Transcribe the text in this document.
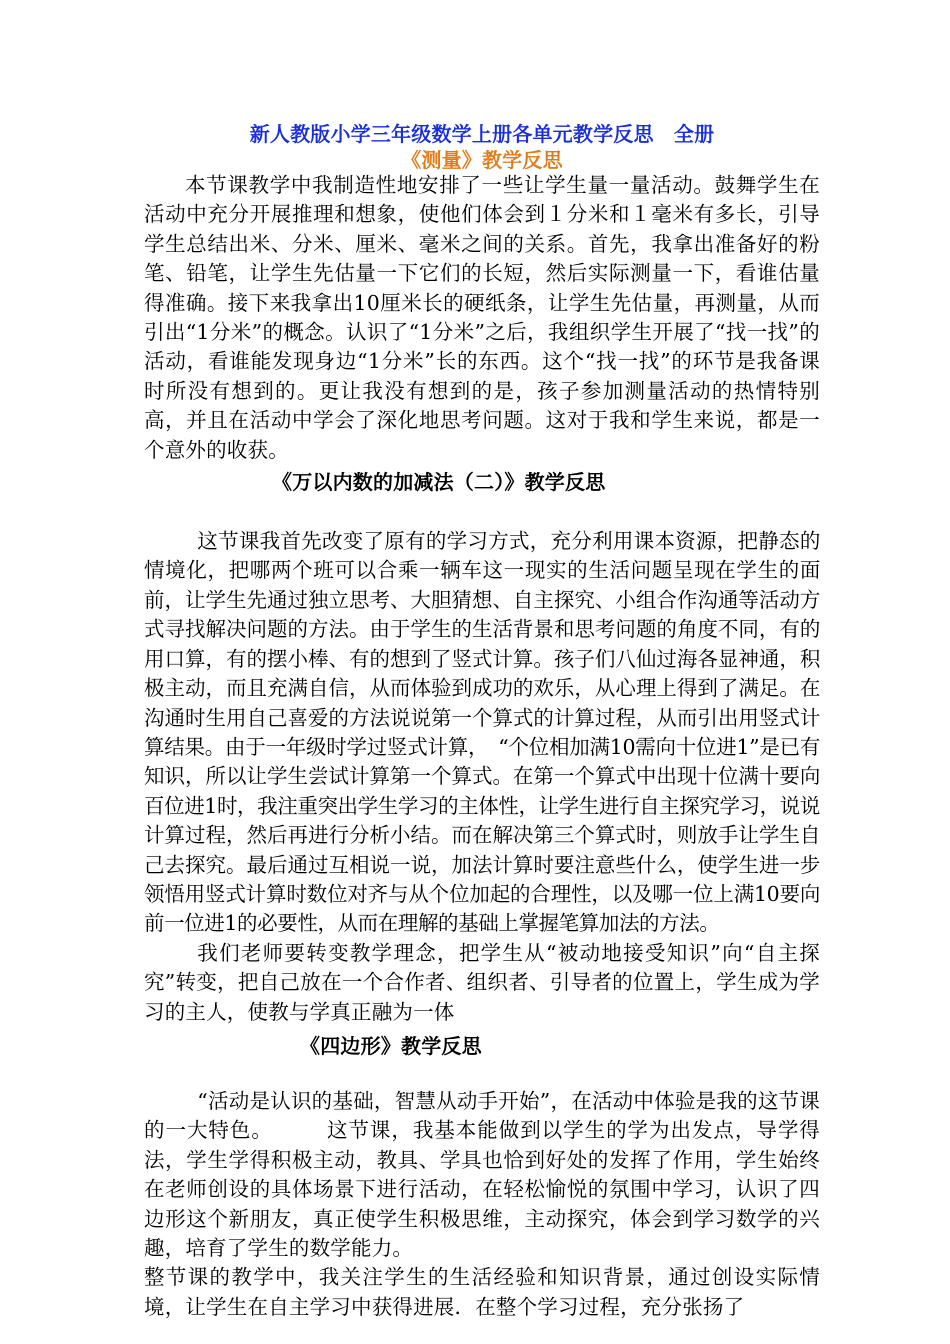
新人教版小学三年级数学上册各单元教学反思　全册
《测量》教学反思

本节课教学中我制造性地安排了一些让学生量一量活动。鼓舞学生在活动中充分开展推理和想象，使他们体会到１分米和１毫米有多长，引导学生总结出米、分米、厘米、毫米之间的关系。首先，我拿出准备好的粉笔、铅笔，让学生先估量一下它们的长短，然后实际测量一下，看谁估量得准确。接下来我拿出10厘米长的硬纸条，让学生先估量，再测量，从而引出“1分米”的概念。认识了“1分米”之后，我组织学生开展了“找一找”的活动，看谁能发现身边“1分米”长的东西。这个“找一找”的环节是我备课时所没有想到的。更让我没有想到的是，孩子参加测量活动的热情特别高，并且在活动中学会了深化地思考问题。这对于我和学生来说，都是一个意外的收获。

《万以内数的加减法（二）》教学反思

这节课我首先改变了原有的学习方式，充分利用课本资源，把静态的情境化，把哪两个班可以合乘一辆车这一现实的生活问题呈现在学生的面前，让学生先通过独立思考、大胆猜想、自主探究、小组合作沟通等活动方式寻找解决问题的方法。由于学生的生活背景和思考问题的角度不同，有的用口算，有的摆小棒、有的想到了竖式计算。孩子们八仙过海各显神通，积极主动，而且充满自信，从而体验到成功的欢乐，从心理上得到了满足。在沟通时生用自己喜爱的方法说说第一个算式的计算过程，从而引出用竖式计算结果。由于一年级时学过竖式计算，　“个位相加满10需向十位进1”是已有知识，所以让学生尝试计算第一个算式。在第一个算式中出现十位满十要向百位进1时，我注重突出学生学习的主体性，让学生进行自主探究学习，说说计算过程，然后再进行分析小结。而在解决第三个算式时，则放手让学生自己去探究。最后通过互相说一说，加法计算时要注意些什么，使学生进一步领悟用竖式计算时数位对齐与从个位加起的合理性，以及哪一位上满10要向前一位进1的必要性，从而在理解的基础上掌握笔算加法的方法。

我们老师要转变教学理念，把学生从“被动地接受知识”向“自主探究”转变，把自己放在一个合作者、组织者、引导者的位置上，学生成为学习的主人，使教与学真正融为一体

《四边形》教学反思

“活动是认识的基础，智慧从动手开始”，在活动中体验是我的这节课的一大特色。　　　这节课，我基本能做到以学生的学为出发点，导学得法，学生学得积极主动，教具、学具也恰到好处的发挥了作用，学生始终在老师创设的具体场景下进行活动，在轻松愉悦的氛围中学习，认识了四边形这个新朋友，真正使学生积极思维，主动探究，体会到学习数学的兴趣，培育了学生的数学能力。

整节课的教学中，我关注学生的生活经验和知识背景，通过创设实际情境，让学生在自主学习中获得进展．在整个学习过程，充分张扬了
